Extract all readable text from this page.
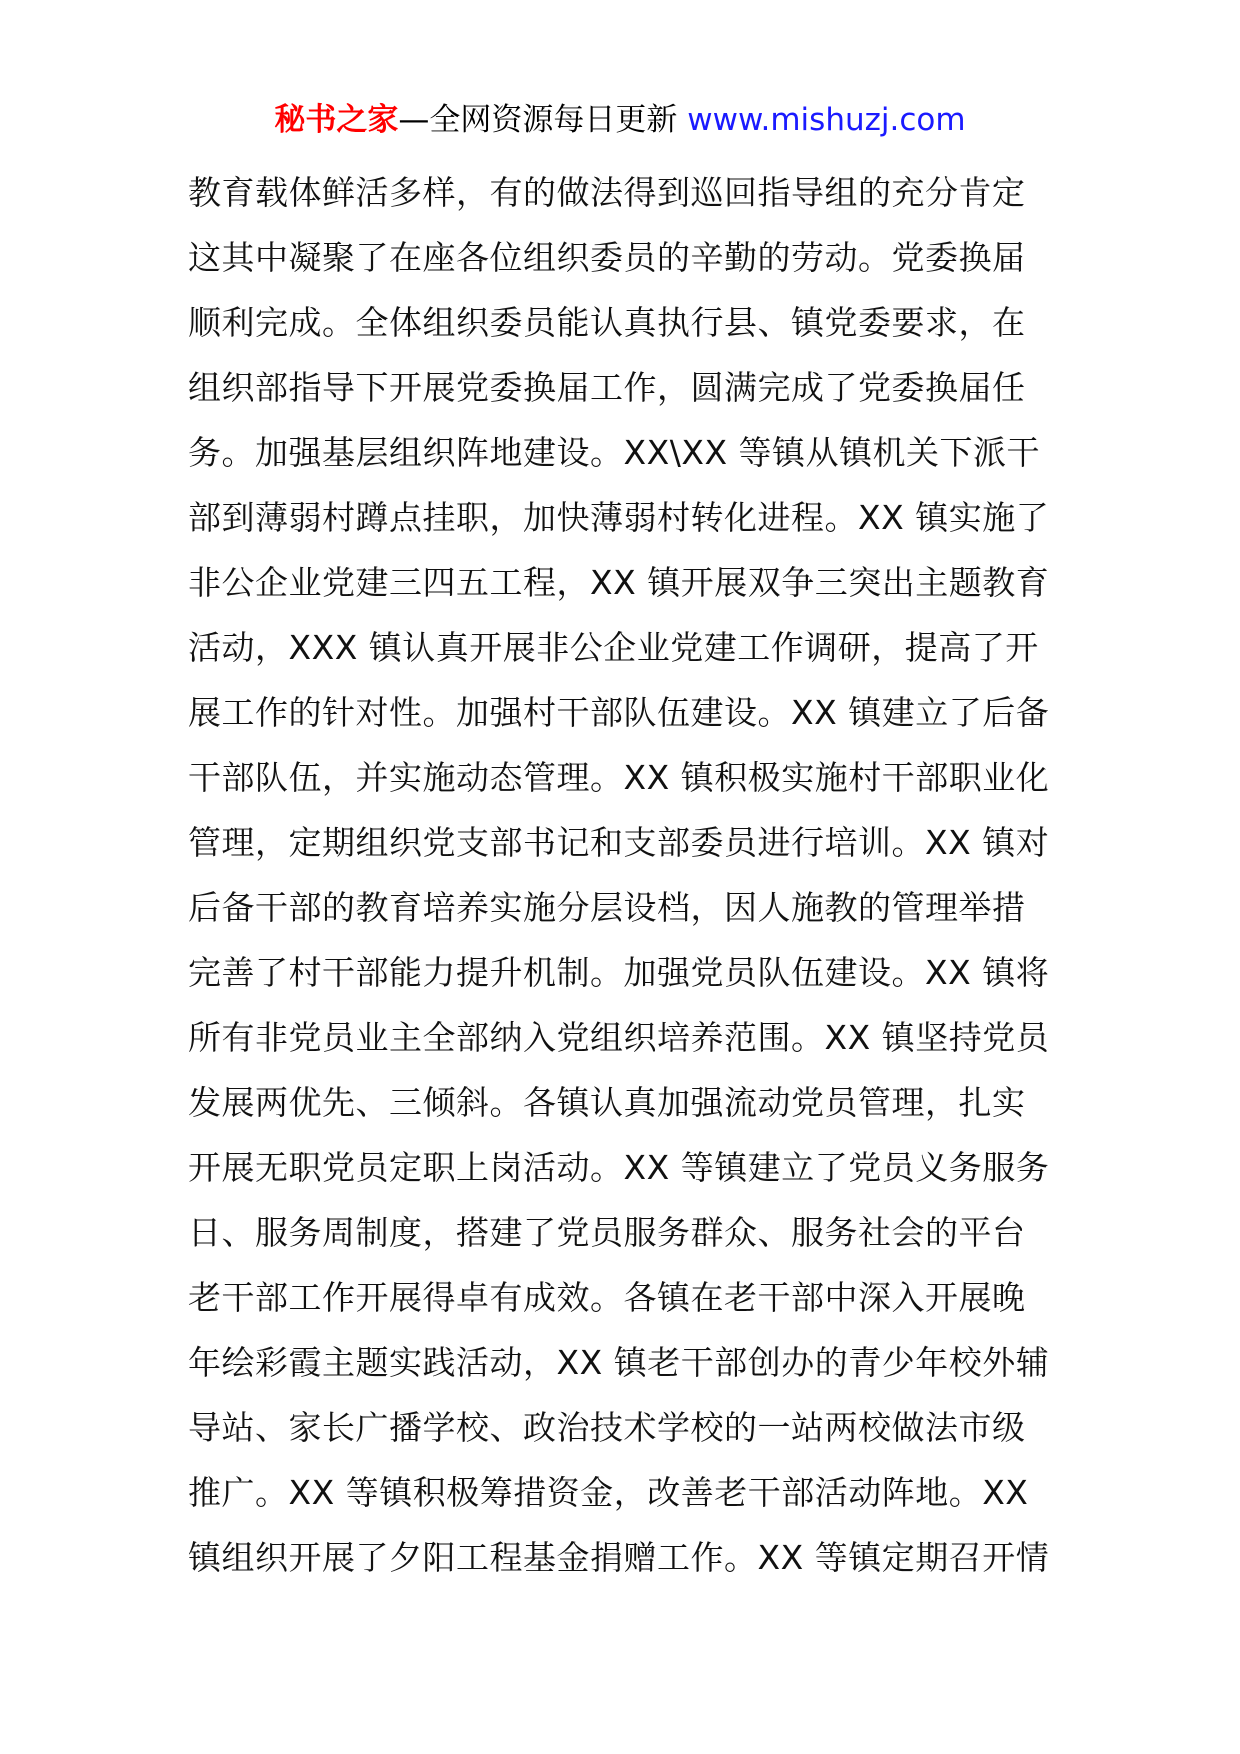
秘书之家—全网资源每日更新 www.mishuzj.com
教育载体鲜活多样，有的做法得到巡回指导组的充分肯定
这其中凝聚了在座各位组织委员的辛勤的劳动。党委换届
顺利完成。全体组织委员能认真执行县、镇党委要求，在
组织部指导下开展党委换届工作，圆满完成了党委换届任
务。加强基层组织阵地建设。XX\XX 等镇从镇机关下派干
部到薄弱村蹲点挂职，加快薄弱村转化进程。XX 镇实施了
非公企业党建三四五工程，XX 镇开展双争三突出主题教育
活动，XXX 镇认真开展非公企业党建工作调研，提高了开
展工作的针对性。加强村干部队伍建设。XX 镇建立了后备
干部队伍，并实施动态管理。XX 镇积极实施村干部职业化
管理，定期组织党支部书记和支部委员进行培训。XX 镇对
后备干部的教育培养实施分层设档，因人施教的管理举措
完善了村干部能力提升机制。加强党员队伍建设。XX 镇将
所有非党员业主全部纳入党组织培养范围。XX 镇坚持党员
发展两优先、三倾斜。各镇认真加强流动党员管理，扎实
开展无职党员定职上岗活动。XX 等镇建立了党员义务服务
日、服务周制度，搭建了党员服务群众、服务社会的平台
老干部工作开展得卓有成效。各镇在老干部中深入开展晚
年绘彩霞主题实践活动，XX 镇老干部创办的青少年校外辅
导站、家长广播学校、政治技术学校的一站两校做法市级
推广。XX 等镇积极筹措资金，改善老干部活动阵地。XX
镇组织开展了夕阳工程基金捐赠工作。XX 等镇定期召开情
